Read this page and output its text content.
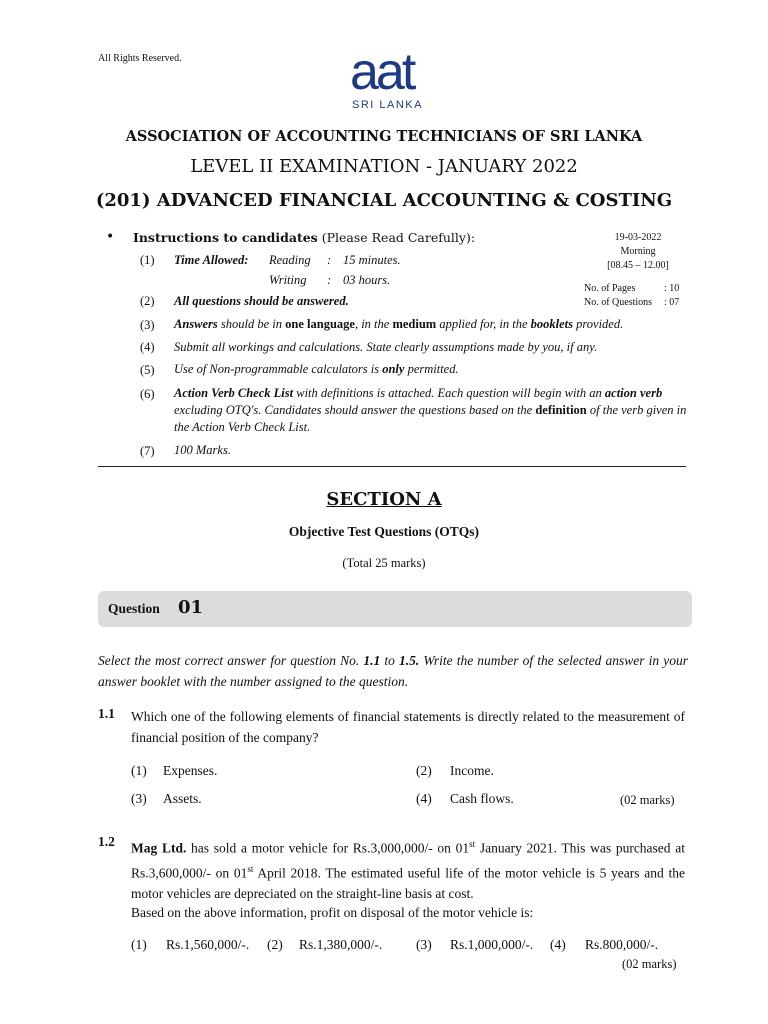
All Rights Reserved.	aat
SRI LANKA
ASSOCIATION OF ACCOUNTING TECHNICIANS OF SRI LANKA
LEVEL II EXAMINATION - JANUARY 2022
(201) ADVANCED FINANCIAL ACCOUNTING & COSTING
19-03-2022
Morning
[08.45 – 12.00]
No. of Pages	: 10
No. of Questions : 07
• Instructions to candidates (Please Read Carefully):
(1) Time Allowed:	Reading	: 15 minutes.
Writing	: 03 hours.
(2) All questions should be answered.
(3) Answers should be in one language, in the medium applied for, in the booklets provided.
(4) Submit all workings and calculations. State clearly assumptions made by you, if any.
(5) Use of Non-programmable calculators is only permitted.
(6) Action Verb Check List with definitions is attached. Each question will begin with an action verb excluding OTQ's. Candidates should answer the questions based on the definition of the verb given in the Action Verb Check List.
(7) 100 Marks.
SECTION A
Objective Test Questions (OTQs)
(Total 25 marks)
Question 01
Select the most correct answer for question No. 1.1 to 1.5. Write the number of the selected answer in your answer booklet with the number assigned to the question.
1.1 Which one of the following elements of financial statements is directly related to the measurement of financial position of the company?
(1) Expenses.	(2) Income.
(3) Assets.	(4) Cash flows.	(02 marks)
1.2 Mag Ltd. has sold a motor vehicle for Rs.3,000,000/- on 01st January 2021. This was purchased at Rs.3,600,000/- on 01st April 2018. The estimated useful life of the motor vehicle is 5 years and the motor vehicles are depreciated on the straight-line basis at cost.
Based on the above information, profit on disposal of the motor vehicle is:
(1) Rs.1,560,000/-. (2) Rs.1,380,000/-. (3) Rs.1,000,000/-. (4) Rs.800,000/-.
(02 marks)
